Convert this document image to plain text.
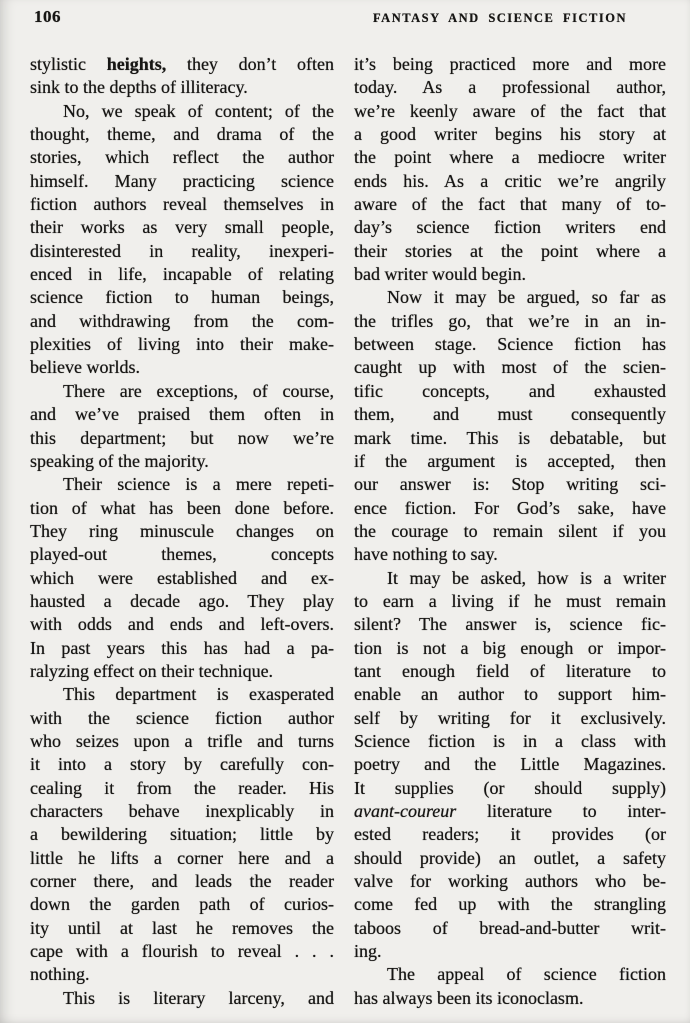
106	FANTASY AND SCIENCE FICTION
stylistic heights, they don’t often
sink to the depths of illiteracy.
No, we speak of content; of the
thought, theme, and drama of the
stories, which reflect the author
himself. Many practicing science
fiction authors reveal themselves in
their works as very small people,
disinterested in reality, inexperi-
enced in life, incapable of relating
science fiction to human beings,
and withdrawing from the com-
plexities of living into their make-
believe worlds.
There are exceptions, of course,
and we’ve praised them often in
this department; but now we’re
speaking of the majority.
Their science is a mere repeti-
tion of what has been done before.
They ring minuscule changes on
played-out themes, concepts
which were established and ex-
hausted a decade ago. They play
with odds and ends and left-overs.
In past years this has had a pa-
ralyzing effect on their technique.
This department is exasperated
with the science fiction author
who seizes upon a trifle and turns
it into a story by carefully con-
cealing it from the reader. His
characters behave inexplicably in
a bewildering situation; little by
little he lifts a corner here and a
corner there, and leads the reader
down the garden path of curios-
ity until at last he removes the
cape with a flourish to reveal . . .
nothing.
This is literary larceny, and
it’s being practiced more and more
today. As a professional author,
we’re keenly aware of the fact that
a good writer begins his story at
the point where a mediocre writer
ends his. As a critic we’re angrily
aware of the fact that many of to-
day’s science fiction writers end
their stories at the point where a
bad writer would begin.
Now it may be argued, so far as
the trifles go, that we’re in an in-
between stage. Science fiction has
caught up with most of the scien-
tific concepts, and exhausted
them, and must consequently
mark time. This is debatable, but
if the argument is accepted, then
our answer is: Stop writing sci-
ence fiction. For God’s sake, have
the courage to remain silent if you
have nothing to say.
It may be asked, how is a writer
to earn a living if he must remain
silent? The answer is, science fic-
tion is not a big enough or impor-
tant enough field of literature to
enable an author to support him-
self by writing for it exclusively.
Science fiction is in a class with
poetry and the Little Magazines.
It supplies (or should supply)
avant-coureur literature to inter-
ested readers; it provides (or
should provide) an outlet, a safety
valve for working authors who be-
come fed up with the strangling
taboos of bread-and-butter writ-
ing.
The appeal of science fiction
has always been its iconoclasm.
